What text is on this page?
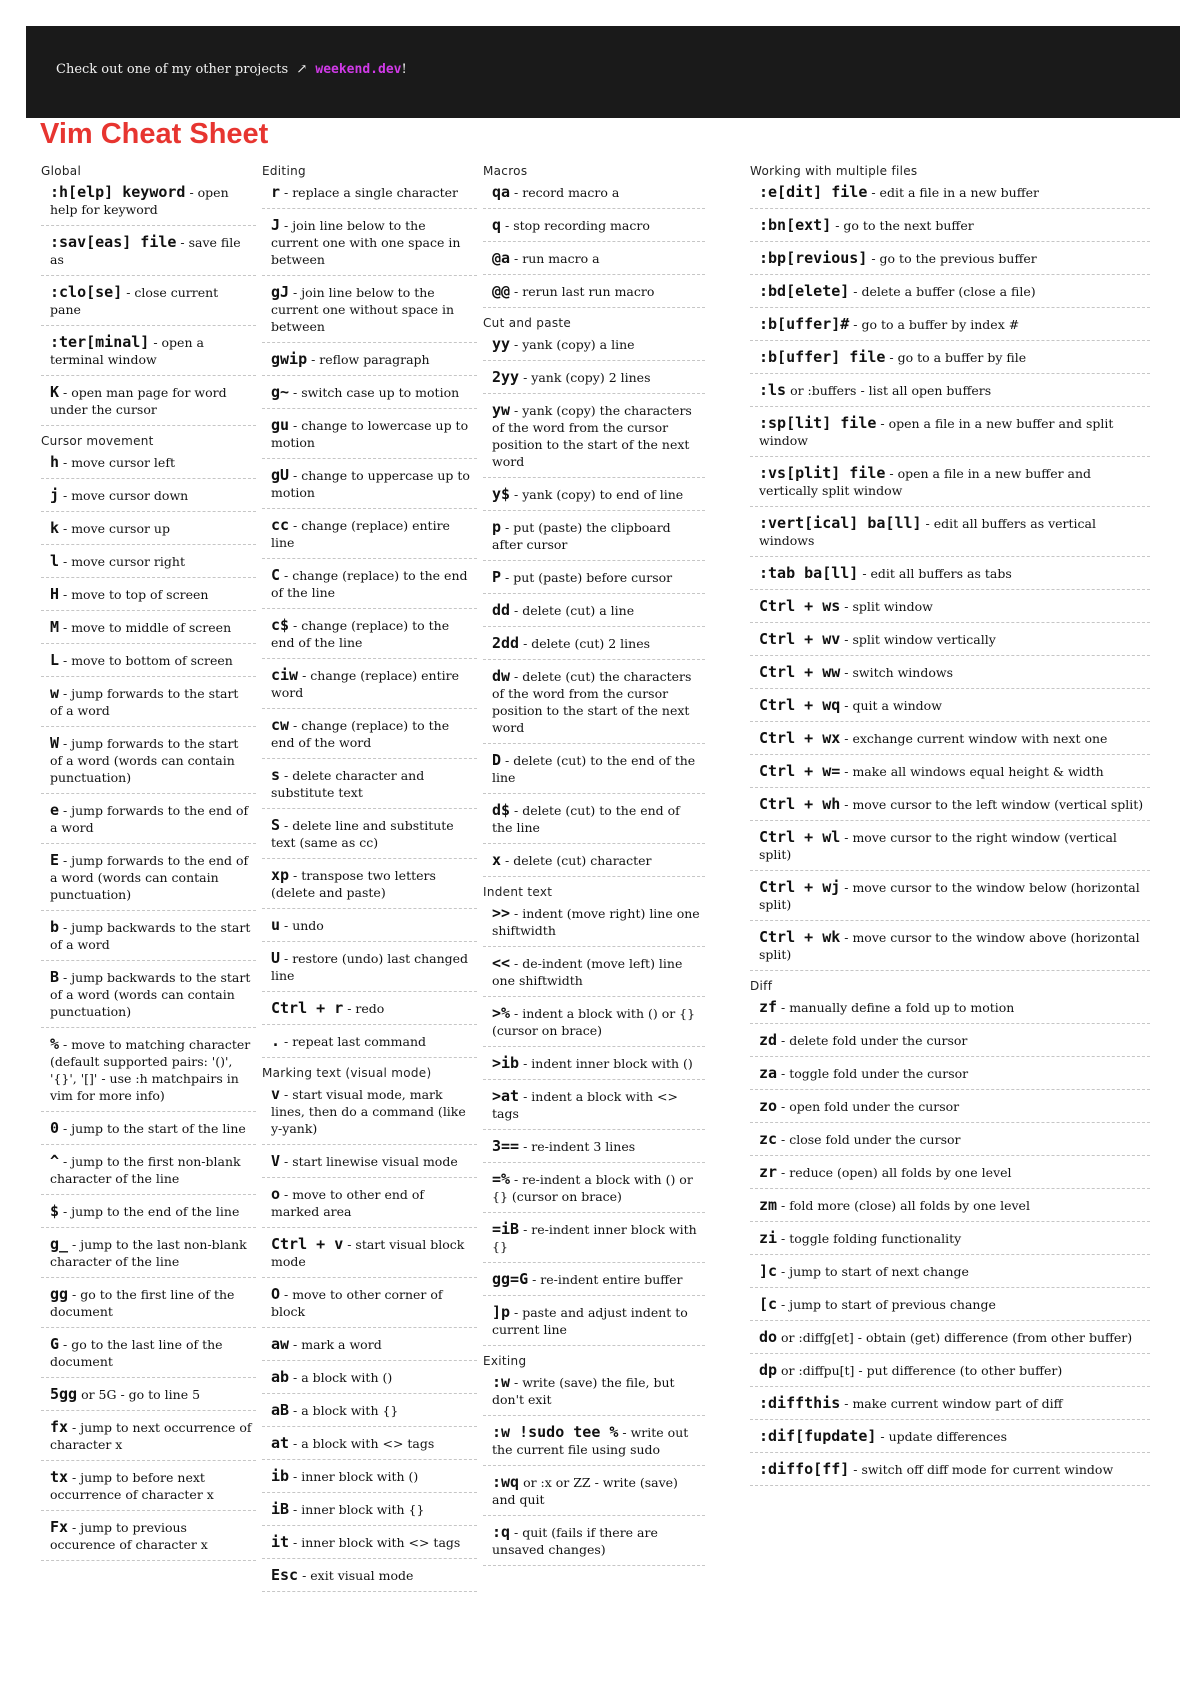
Check out one of my other projects ↗ weekend.dev!
Vim Cheat Sheet
Global
:h[elp] keyword - open help for keyword
:sav[eas] file - save file as
:clo[se] - close current pane
:ter[minal] - open a terminal window
K - open man page for word under the cursor
Cursor movement
h - move cursor left
j - move cursor down
k - move cursor up
l - move cursor right
H - move to top of screen
M - move to middle of screen
L - move to bottom of screen
w - jump forwards to the start of a word
W - jump forwards to the start of a word (words can contain punctuation)
e - jump forwards to the end of a word
E - jump forwards to the end of a word (words can contain punctuation)
b - jump backwards to the start of a word
B - jump backwards to the start of a word (words can contain punctuation)
% - move to matching character (default supported pairs: '()', '{}', '[]' - use :h matchpairs in vim for more info)
0 - jump to the start of the line
^ - jump to the first non-blank character of the line
$ - jump to the end of the line
g_ - jump to the last non-blank character of the line
gg - go to the first line of the document
G - go to the last line of the document
5gg or 5G - go to line 5
fx - jump to next occurrence of character x
tx - jump to before next occurrence of character x
Fx - jump to previous occurence of character x
Editing
r - replace a single character
J - join line below to the current one with one space in between
gJ - join line below to the current one without space in between
gwip - reflow paragraph
g~ - switch case up to motion
gu - change to lowercase up to motion
gU - change to uppercase up to motion
cc - change (replace) entire line
C - change (replace) to the end of the line
c$ - change (replace) to the end of the line
ciw - change (replace) entire word
cw - change (replace) to the end of the word
s - delete character and substitute text
S - delete line and substitute text (same as cc)
xp - transpose two letters (delete and paste)
u - undo
U - restore (undo) last changed line
Ctrl + r - redo
. - repeat last command
Marking text (visual mode)
v - start visual mode, mark lines, then do a command (like y-yank)
V - start linewise visual mode
o - move to other end of marked area
Ctrl + v - start visual block mode
O - move to other corner of block
aw - mark a word
ab - a block with ()
aB - a block with {}
at - a block with <> tags
ib - inner block with ()
iB - inner block with {}
it - inner block with <> tags
Esc - exit visual mode
Macros
qa - record macro a
q - stop recording macro
@a - run macro a
@@ - rerun last run macro
Cut and paste
yy - yank (copy) a line
2yy - yank (copy) 2 lines
yw - yank (copy) the characters of the word from the cursor position to the start of the next word
y$ - yank (copy) to end of line
p - put (paste) the clipboard after cursor
P - put (paste) before cursor
dd - delete (cut) a line
2dd - delete (cut) 2 lines
dw - delete (cut) the characters of the word from the cursor position to the start of the next word
D - delete (cut) to the end of the line
d$ - delete (cut) to the end of the line
x - delete (cut) character
Indent text
>> - indent (move right) line one shiftwidth
<< - de-indent (move left) line one shiftwidth
>% - indent a block with () or {} (cursor on brace)
>ib - indent inner block with ()
>at - indent a block with <> tags
3== - re-indent 3 lines
=% - re-indent a block with () or {} (cursor on brace)
=iB - re-indent inner block with {}
gg=G - re-indent entire buffer
]p - paste and adjust indent to current line
Exiting
:w - write (save) the file, but don't exit
:w !sudo tee % - write out the current file using sudo
:wq or :x or ZZ - write (save) and quit
:q - quit (fails if there are unsaved changes)
Working with multiple files
:e[dit] file - edit a file in a new buffer
:bn[ext] - go to the next buffer
:bp[revious] - go to the previous buffer
:bd[elete] - delete a buffer (close a file)
:b[uffer]# - go to a buffer by index #
:b[uffer] file - go to a buffer by file
:ls or :buffers - list all open buffers
:sp[lit] file - open a file in a new buffer and split window
:vs[plit] file - open a file in a new buffer and vertically split window
:vert[ical] ba[ll] - edit all buffers as vertical windows
:tab ba[ll] - edit all buffers as tabs
Ctrl + ws - split window
Ctrl + wv - split window vertically
Ctrl + ww - switch windows
Ctrl + wq - quit a window
Ctrl + wx - exchange current window with next one
Ctrl + w= - make all windows equal height & width
Ctrl + wh - move cursor to the left window (vertical split)
Ctrl + wl - move cursor to the right window (vertical split)
Ctrl + wj - move cursor to the window below (horizontal split)
Ctrl + wk - move cursor to the window above (horizontal split)
Diff
zf - manually define a fold up to motion
zd - delete fold under the cursor
za - toggle fold under the cursor
zo - open fold under the cursor
zc - close fold under the cursor
zr - reduce (open) all folds by one level
zm - fold more (close) all folds by one level
zi - toggle folding functionality
]c - jump to start of next change
[c - jump to start of previous change
do or :diffg[et] - obtain (get) difference (from other buffer)
dp or :diffpu[t] - put difference (to other buffer)
:diffthis - make current window part of diff
:dif[fupdate] - update differences
:diffo[ff] - switch off diff mode for current window
